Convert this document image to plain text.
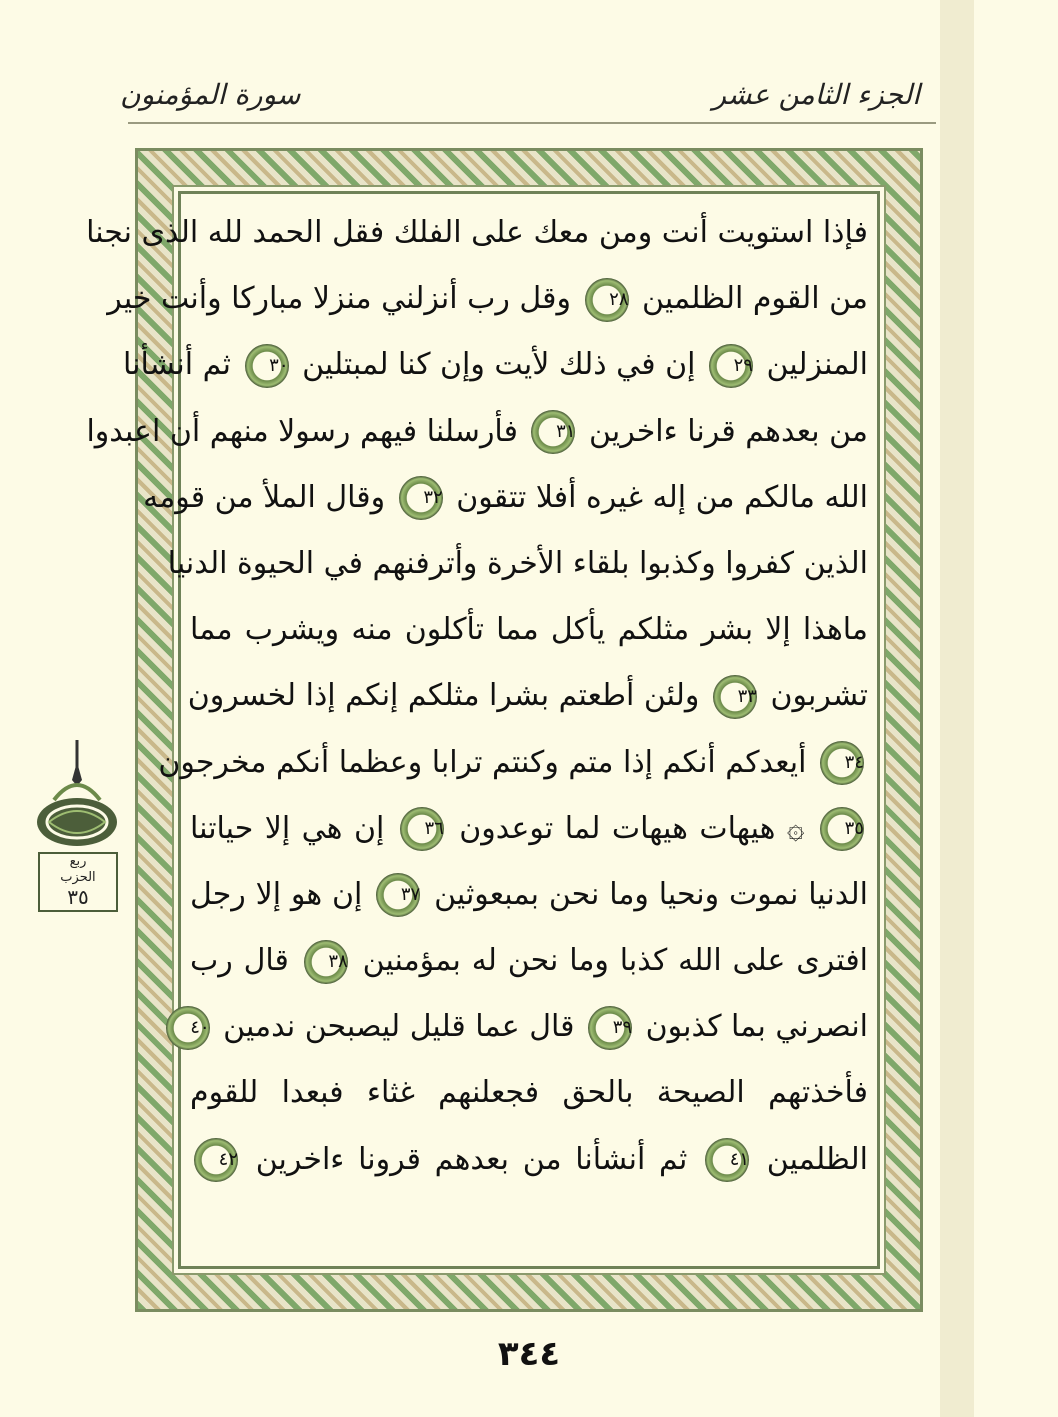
الجزء الثامن عشر
سورة المؤمنون
فإذا استويت أنت ومن معك على الفلك فقل الحمد لله الذى نجنا
من القوم الظلمين ٢٨ وقل رب أنزلني منزلا مباركا وأنت خير
المنزلين ٢٩ إن في ذلك لأيت وإن كنا لمبتلين ٣٠ ثم أنشأنا
من بعدهم قرنا ءاخرين ٣١ فأرسلنا فيهم رسولا منهم أن اعبدوا
الله مالكم من إله غيره أفلا تتقون ٣٢ وقال الملأ من قومه
الذين كفروا وكذبوا بلقاء الأخرة وأترفنهم في الحيوة الدنيا
ماهذا إلا بشر مثلكم يأكل مما تأكلون منه ويشرب مما
تشربون ٣٣ ولئن أطعتم بشرا مثلكم إنكم إذا لخسرون
٣٤ أيعدكم أنكم إذا متم وكنتم ترابا وعظما أنكم مخرجون
٣٥ ۞ هيهات هيهات لما توعدون ٣٦ إن هي إلا حياتنا
الدنيا نموت ونحيا وما نحن بمبعوثين ٣٧ إن هو إلا رجل
افترى على الله كذبا وما نحن له بمؤمنين ٣٨ قال رب
انصرني بما كذبون ٣٩ قال عما قليل ليصبحن ندمين ٤٠
فأخذتهم الصيحة بالحق فجعلنهم غثاء فبعدا للقوم
الظلمين ٤١ ثم أنشأنا من بعدهم قرونا ءاخرين ٤٢
ربع
الحزب
٣٥
٣٤٤
